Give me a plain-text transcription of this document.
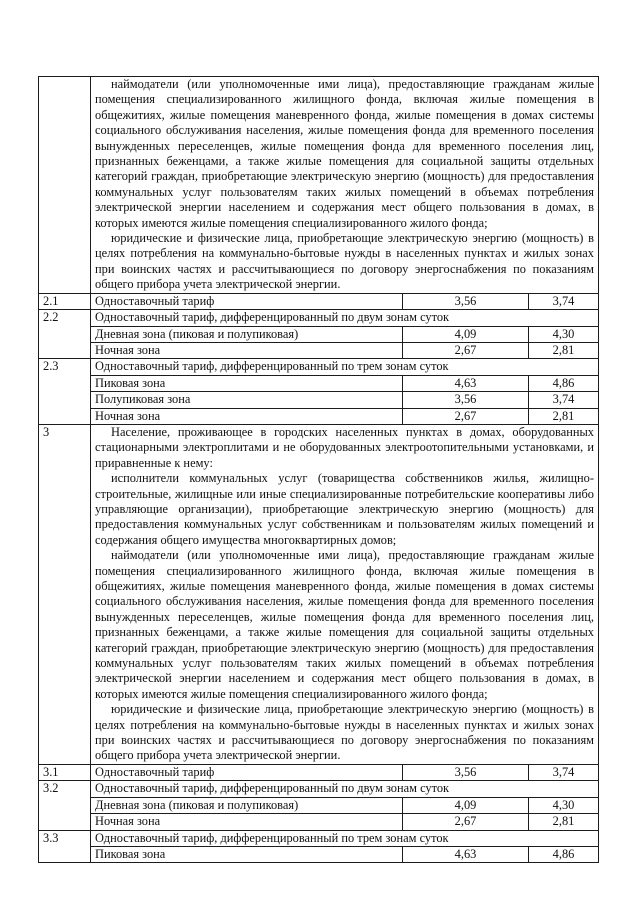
	наймодатели (или уполномоченные ими лица), предоставляющие гражданам жилые помещения специализированного жилищного фонда, включая жилые помещения в общежитиях, жилые помещения маневренного фонда, жилые помещения в домах системы социального обслуживания населения, жилые помещения фонда для временного поселения вынужденных переселенцев, жилые помещения фонда для временного поселения лиц, признанных беженцами, а также жилые помещения для социальной защиты отдельных категорий граждан, приобретающие электрическую энергию (мощность) для предоставления коммунальных услуг пользователям таких жилых помещений в объемах потребления электрической энергии населением и содержания мест общего пользования в домах, в которых имеются жилые помещения специализированного жилого фонда;

юридические и физические лица, приобретающие электрическую энергию (мощность) в целях потребления на коммунально-бытовые нужды в населенных пунктах и жилых зонах при воинских частях и рассчитывающиеся по договору энергоснабжения по показаниям общего прибора учета электрической энергии.		

2.1	Одноставочный тариф	3,56	3,74
2.2	Одноставочный тариф, дифференцированный по двум зонам суток		
	Дневная зона (пиковая и полупиковая)	4,09	4,30
	Ночная зона	2,67	2,81
2.3	Одноставочный тариф, дифференцированный по трем зонам суток		
	Пиковая зона	4,63	4,86
	Полупиковая зона	3,56	3,74
	Ночная зона	2,67	2,81
3	Население, проживающее в городских населенных пунктах в домах, оборудованных стационарными электроплитами и не оборудованных электроотопительными установками, и приравненные к нему:

исполнители коммунальных услуг (товарищества собственников жилья, жилищно-строительные, жилищные или иные специализированные потребительские кооперативы либо управляющие организации), приобретающие электрическую энергию (мощность) для предоставления коммунальных услуг собственникам и пользователям жилых помещений и содержания общего имущества многоквартирных домов;

наймодатели (или уполномоченные ими лица), предоставляющие гражданам жилые помещения специализированного жилищного фонда, включая жилые помещения в общежитиях, жилые помещения маневренного фонда, жилые помещения в домах системы социального обслуживания населения, жилые помещения фонда для временного поселения вынужденных переселенцев, жилые помещения фонда для временного поселения лиц, признанных беженцами, а также жилые помещения для социальной защиты отдельных категорий граждан, приобретающие электрическую энергию (мощность) для предоставления коммунальных услуг пользователям таких жилых помещений в объемах потребления электрической энергии населением и содержания мест общего пользования в домах, в которых имеются жилые помещения специализированного жилого фонда;

юридические и физические лица, приобретающие электрическую энергию (мощность) в целях потребления на коммунально-бытовые нужды в населенных пунктах и жилых зонах при воинских частях и рассчитывающиеся по договору энергоснабжения по показаниям общего прибора учета электрической энергии.		

3.1	Одноставочный тариф	3,56	3,74
3.2	Одноставочный тариф, дифференцированный по двум зонам суток		
	Дневная зона (пиковая и полупиковая)	4,09	4,30
	Ночная зона	2,67	2,81
3.3	Одноставочный тариф, дифференцированный по трем зонам суток		
	Пиковая зона	4,63	4,86
